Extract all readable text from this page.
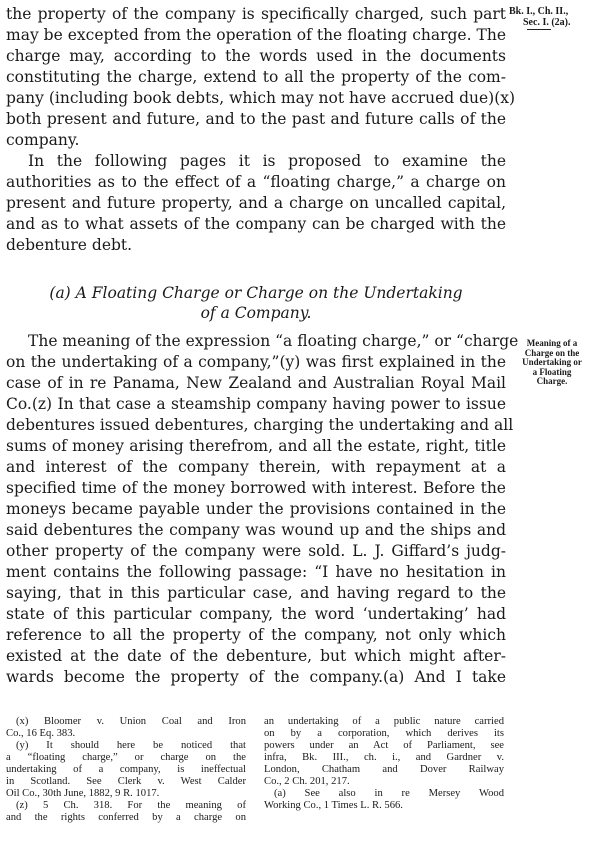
Bk. I., Ch. II.,
Sec. I. (2a).
Meaning of a
Charge on the
Undertaking or
a Floating
Charge.
the property of the company is specifically charged, such part
may be excepted from the operation of the floating charge. The
charge may, according to the words used in the documents
constituting the charge, extend to all the property of the com-
pany (including book debts, which may not have accrued due)(x)
both present and future, and to the past and future calls of the
company.
In the following pages it is proposed to examine the
authorities as to the effect of a “floating charge,” a charge on
present and future property, and a charge on uncalled capital,
and as to what assets of the company can be charged with the
debenture debt.
(a) A Floating Charge or Charge on the Undertaking
of a Company.
The meaning of the expression “a floating charge,” or “charge
on the undertaking of a company,”(y) was first explained in the
case of in re Panama, New Zealand and Australian Royal Mail
Co.(z) In that case a steamship company having power to issue
debentures issued debentures, charging the undertaking and all
sums of money arising therefrom, and all the estate, right, title
and interest of the company therein, with repayment at a
specified time of the money borrowed with interest. Before the
moneys became payable under the provisions contained in the
said debentures the company was wound up and the ships and
other property of the company were sold. L. J. Giffard’s judg-
ment contains the following passage: “I have no hesitation in
saying, that in this particular case, and having regard to the
state of this particular company, the word ‘undertaking’ had
reference to all the property of the company, not only which
existed at the date of the debenture, but which might after-
wards become the property of the company.(a) And I take
(x) Bloomer v. Union Coal and Iron
Co., 16 Eq. 383.
(y) It should here be noticed that
a “floating charge,” or charge on the
undertaking of a company, is ineffectual
in Scotland. See Clerk v. West Calder
Oil Co., 30th June, 1882, 9 R. 1017.
(z) 5 Ch. 318. For the meaning of
and the rights conferred by a charge on
an undertaking of a public nature carried
on by a corporation, which derives its
powers under an Act of Parliament, see
infra, Bk. III., ch. i., and Gardner v.
London, Chatham and Dover Railway
Co., 2 Ch. 201, 217.
(a) See also in re Mersey Wood
Working Co., 1 Times L. R. 566.
